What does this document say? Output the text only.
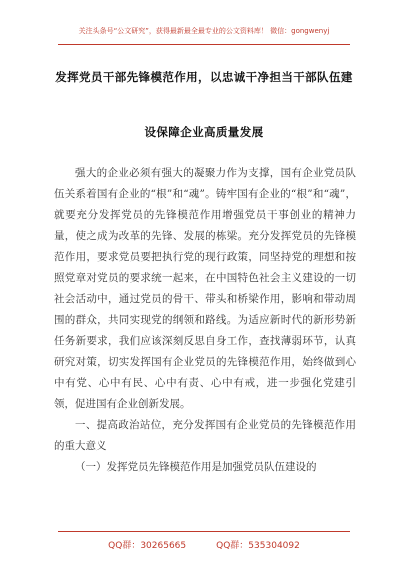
关注头条号“公文研究”，获得最新最全最专业的公文资料库！ 微信：gongwenyj
发挥党员干部先锋模范作用，以忠诚干净担当干部队伍建
设保障企业高质量发展

强大的企业必须有强大的凝聚力作为支撑，国有企业党员队伍关系着国有企业的“根”和“魂”。铸牢国有企业的“根”和“魂”，就要充分发挥党员的先锋模范作用增强党员干事创业的精神力量，使之成为改革的先锋、发展的栋梁。充分发挥党员的先锋模范作用，要求党员要把执行党的现行政策，同坚持党的理想和按照党章对党员的要求统一起来，在中国特色社会主义建设的一切社会活动中，通过党员的骨干、带头和桥梁作用，影响和带动周围的群众，共同实现党的纲领和路线。为适应新时代的新形势新任务新要求，我们应该深刻反思自身工作，查找薄弱环节，认真研究对策，切实发挥国有企业党员的先锋模范作用，始终做到心中有党、心中有民、心中有责、心中有戒，进一步强化党建引领，促进国有企业创新发展。

一、提高政治站位，充分发挥国有企业党员的先锋模范作用的重大意义

（一）发挥党员先锋模范作用是加强党员队伍建设的

QQ群：30265665	QQ群：535304092
